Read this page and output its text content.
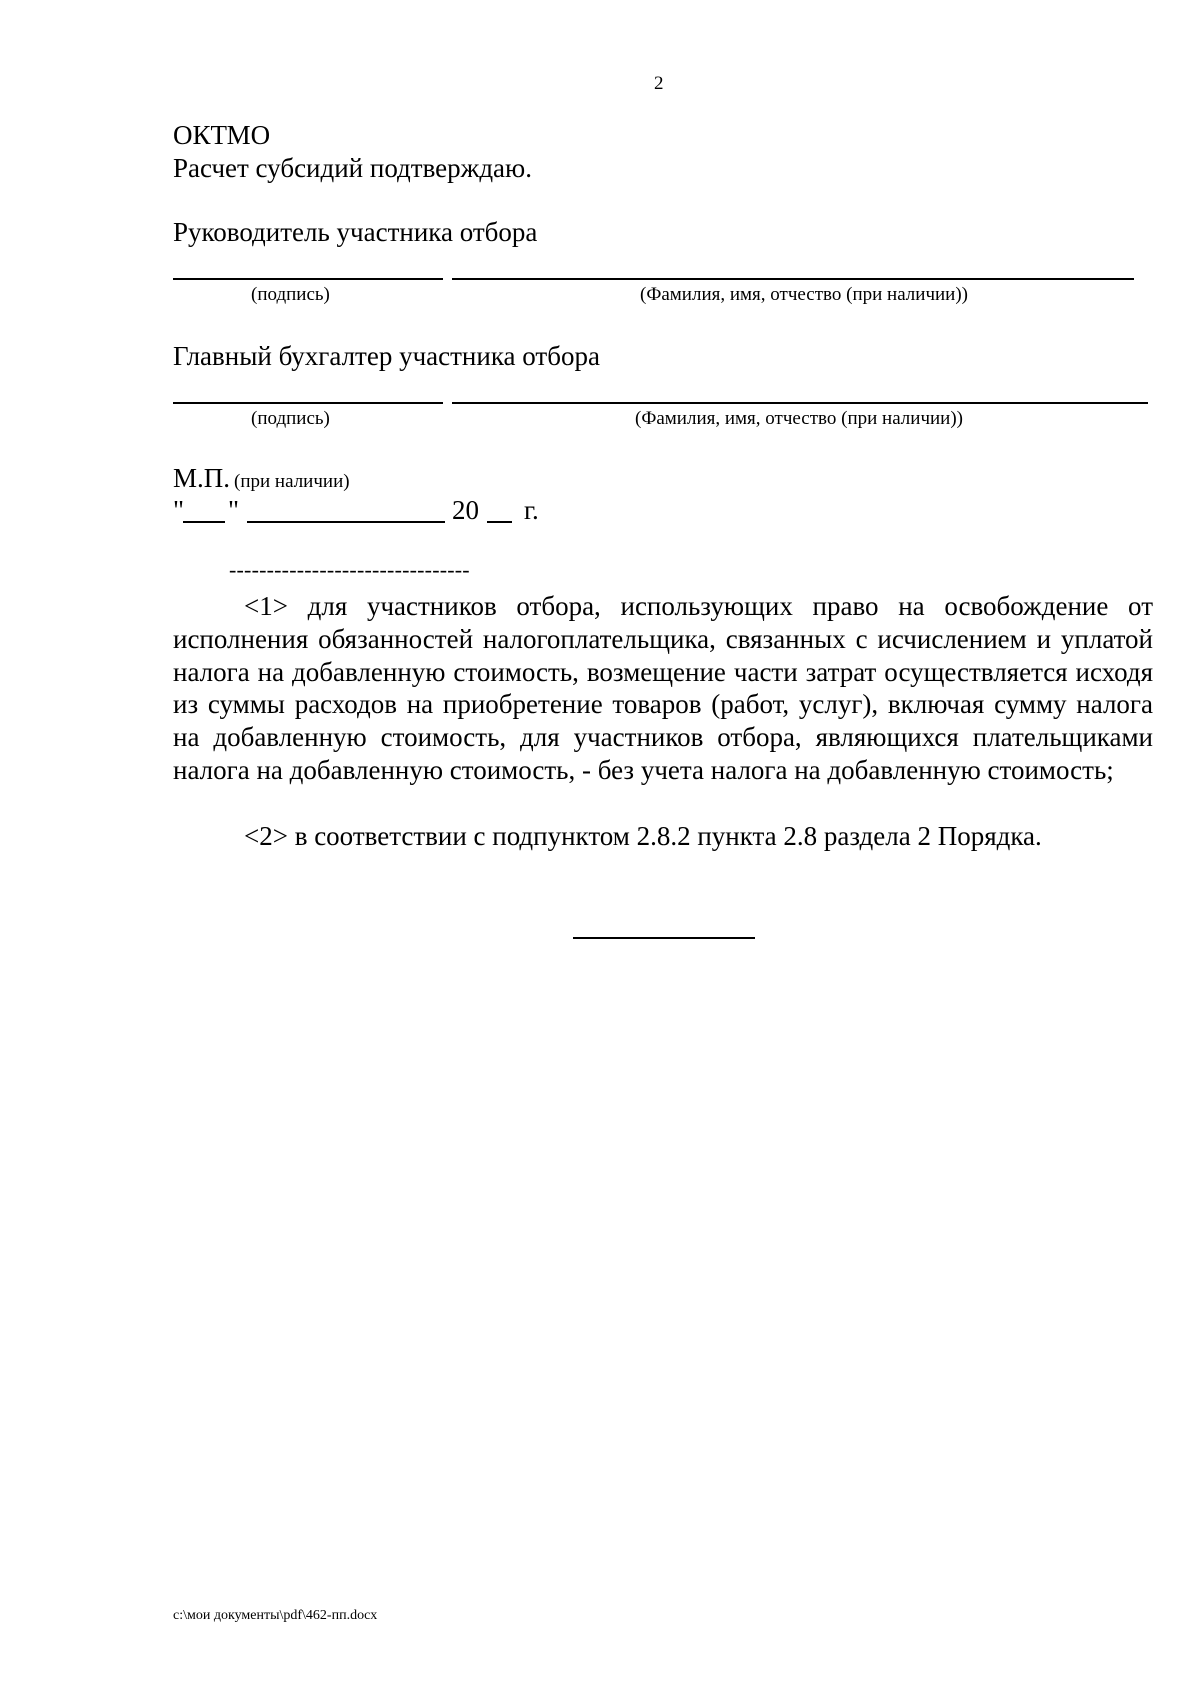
2
ОКТМО
Расчет субсидий подтверждаю.
Руководитель участника отбора
(подпись)	(Фамилия, имя, отчество (при наличии))
Главный бухгалтер участника отбора
(подпись)	(Фамилия, имя, отчество (при наличии))
М.П. (при наличии)
" "	20 г.
--------------------------------
<1> для участников отбора, использующих право на освобождение от исполнения обязанностей налогоплательщика, связанных с исчислением и уплатой налога на добавленную стоимость, возмещение части затрат осуществляется исходя из суммы расходов на приобретение товаров (работ, услуг), включая сумму налога на добавленную стоимость, для участников отбора, являющихся плательщиками налога на добавленную стоимость, - без учета налога на добавленную стоимость;
<2> в соответствии с подпунктом 2.8.2 пункта 2.8 раздела 2 Порядка.
c:\мои документы\pdf\462-пп.docx
